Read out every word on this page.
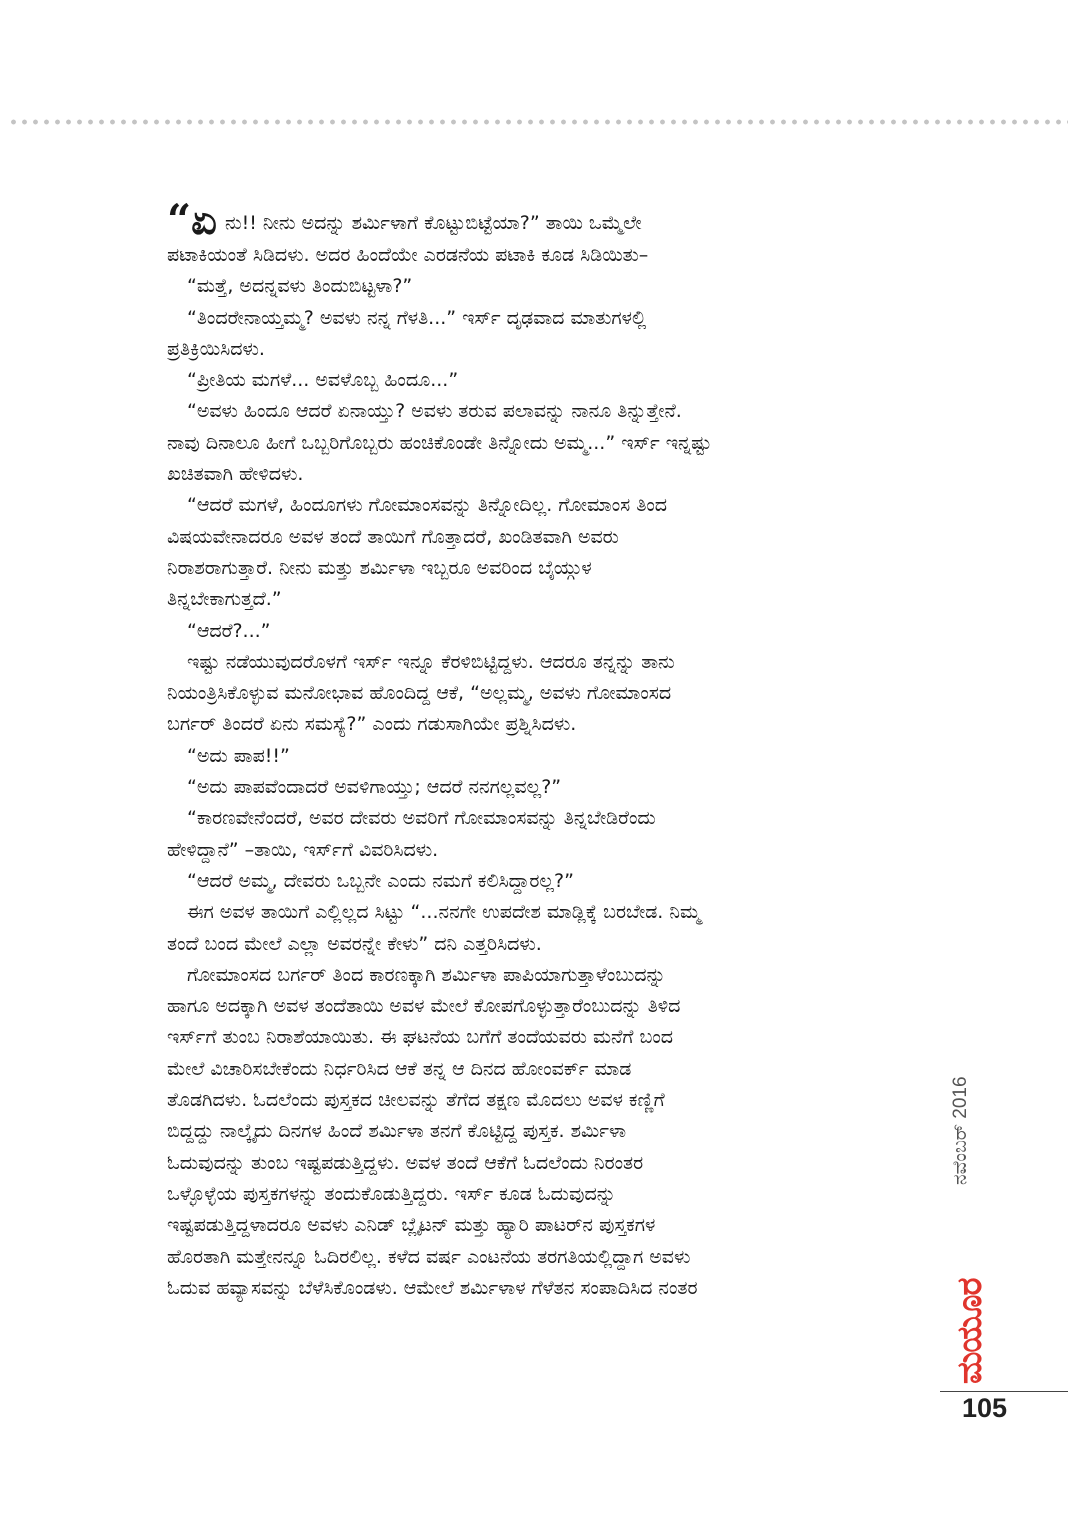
“ಏ ನು!! ನೀನು ಅದನ್ನು ಶರ್ಮಿಳಾಗೆ ಕೊಟ್ಟುಬಿಟ್ಟೆಯಾ?” ತಾಯಿ ಒಮ್ಮೆಲೇ

ಪಟಾಕಿಯಂತೆ ಸಿಡಿದಳು. ಅದರ ಹಿಂದೆಯೇ ಎರಡನೆಯ ಪಟಾಕಿ ಕೂಡ ಸಿಡಿಯಿತು–

“ಮತ್ತೆ, ಅದನ್ನವಳು ತಿಂದುಬಿಟ್ಟಳಾ?”

“ತಿಂದರೇನಾಯ್ತಮ್ಮ? ಅವಳು ನನ್ನ ಗೆಳತಿ...” ಇರ್ಸ್ ದೃಢವಾದ ಮಾತುಗಳಲ್ಲಿ

ಪ್ರತಿಕ್ರಿಯಿಸಿದಳು.

“ಪ್ರೀತಿಯ ಮಗಳೆ... ಅವಳೊಬ್ಬ ಹಿಂದೂ...”

“ಅವಳು ಹಿಂದೂ ಆದರೆ ಏನಾಯ್ತು? ಅವಳು ತರುವ ಪಲಾವನ್ನು ನಾನೂ ತಿನ್ನುತ್ತೇನೆ.

ನಾವು ದಿನಾಲೂ ಹೀಗೆ ಒಬ್ಬರಿಗೊಬ್ಬರು ಹಂಚಿಕೊಂಡೇ ತಿನ್ನೋದು ಅಮ್ಮ...” ಇರ್ಸ್ ಇನ್ನಷ್ಟು

ಖಚಿತವಾಗಿ ಹೇಳಿದಳು.

“ಆದರೆ ಮಗಳೆ, ಹಿಂದೂಗಳು ಗೋಮಾಂಸವನ್ನು ತಿನ್ನೋದಿಲ್ಲ. ಗೋಮಾಂಸ ತಿಂದ

ವಿಷಯವೇನಾದರೂ ಅವಳ ತಂದೆ ತಾಯಿಗೆ ಗೊತ್ತಾದರೆ, ಖಂಡಿತವಾಗಿ ಅವರು

ನಿರಾಶರಾಗುತ್ತಾರೆ. ನೀನು ಮತ್ತು ಶರ್ಮಿಳಾ ಇಬ್ಬರೂ ಅವರಿಂದ ಬೈಯ್ಗುಳ

ತಿನ್ನಬೇಕಾಗುತ್ತದೆ.”

“ಆದರೆ?...”

ಇಷ್ಟು ನಡೆಯುವುದರೊಳಗೆ ಇರ್ಸ್ ಇನ್ನೂ ಕೆರಳಿಬಿಟ್ಟಿದ್ದಳು. ಆದರೂ ತನ್ನನ್ನು ತಾನು

ನಿಯಂತ್ರಿಸಿಕೊಳ್ಳುವ ಮನೋಭಾವ ಹೊಂದಿದ್ದ ಆಕೆ, “ಅಲ್ಲಮ್ಮ, ಅವಳು ಗೋಮಾಂಸದ

ಬರ್ಗರ್ ತಿಂದರೆ ಏನು ಸಮಸ್ಯೆ?” ಎಂದು ಗಡುಸಾಗಿಯೇ ಪ್ರಶ್ನಿಸಿದಳು.

“ಅದು ಪಾಪ!!”

“ಅದು ಪಾಪವೆಂದಾದರೆ ಅವಳಿಗಾಯ್ತು; ಆದರೆ ನನಗಲ್ಲವಲ್ಲ?”

“ಕಾರಣವೇನೆಂದರೆ, ಅವರ ದೇವರು ಅವರಿಗೆ ಗೋಮಾಂಸವನ್ನು ತಿನ್ನಬೇಡಿರೆಂದು

ಹೇಳಿದ್ದಾನೆ” –ತಾಯಿ, ಇರ್ಸ್‌ಗೆ ವಿವರಿಸಿದಳು.

“ಆದರೆ ಅಮ್ಮ, ದೇವರು ಒಬ್ಬನೇ ಎಂದು ನಮಗೆ ಕಲಿಸಿದ್ದಾರಲ್ಲ?”

ಈಗ ಅವಳ ತಾಯಿಗೆ ಎಲ್ಲಿಲ್ಲದ ಸಿಟ್ಟು “...ನನಗೇ ಉಪದೇಶ ಮಾಡ್ಲಿಕ್ಕೆ ಬರಬೇಡ. ನಿಮ್ಮ

ತಂದೆ ಬಂದ ಮೇಲೆ ಎಲ್ಲಾ ಅವರನ್ನೇ ಕೇಳು” ದನಿ ಎತ್ತರಿಸಿದಳು.

ಗೋಮಾಂಸದ ಬರ್ಗರ್ ತಿಂದ ಕಾರಣಕ್ಕಾಗಿ ಶರ್ಮಿಳಾ ಪಾಪಿಯಾಗುತ್ತಾಳೆಂಬುದನ್ನು

ಹಾಗೂ ಅದಕ್ಕಾಗಿ ಅವಳ ತಂದೆತಾಯಿ ಅವಳ ಮೇಲೆ ಕೋಪಗೊಳ್ಳುತ್ತಾರೆಂಬುದನ್ನು ತಿಳಿದ

ಇರ್ಸ್‌ಗೆ ತುಂಬ ನಿರಾಶೆಯಾಯಿತು. ಈ ಘಟನೆಯ ಬಗೆಗೆ ತಂದೆಯವರು ಮನೆಗೆ ಬಂದ

ಮೇಲೆ ವಿಚಾರಿಸಬೇಕೆಂದು ನಿರ್ಧರಿಸಿದ ಆಕೆ ತನ್ನ ಆ ದಿನದ ಹೋಂವರ್ಕ್ ಮಾಡ

ತೊಡಗಿದಳು. ಓದಲೆಂದು ಪುಸ್ತಕದ ಚೀಲವನ್ನು ತೆಗೆದ ತಕ್ಷಣ ಮೊದಲು ಅವಳ ಕಣ್ಣಿಗೆ

ಬಿದ್ದದ್ದು ನಾಲ್ಕೈದು ದಿನಗಳ ಹಿಂದೆ ಶರ್ಮಿಳಾ ತನಗೆ ಕೊಟ್ಟಿದ್ದ ಪುಸ್ತಕ. ಶರ್ಮಿಳಾ

ಓದುವುದನ್ನು ತುಂಬ ಇಷ್ಟಪಡುತ್ತಿದ್ದಳು. ಅವಳ ತಂದೆ ಆಕೆಗೆ ಓದಲೆಂದು ನಿರಂತರ

ಒಳ್ಳೊಳ್ಳೆಯ ಪುಸ್ತಕಗಳನ್ನು ತಂದುಕೊಡುತ್ತಿದ್ದರು. ಇರ್ಸ್ ಕೂಡ ಓದುವುದನ್ನು

ಇಷ್ಟಪಡುತ್ತಿದ್ದಳಾದರೂ ಅವಳು ಎನಿಡ್ ಬ್ಲೈಟನ್ ಮತ್ತು ಹ್ಯಾರಿ ಪಾಟರ್‌ನ ಪುಸ್ತಕಗಳ

ಹೊರತಾಗಿ ಮತ್ತೇನನ್ನೂ ಓದಿರಲಿಲ್ಲ. ಕಳೆದ ವರ್ಷ ಎಂಟನೆಯ ತರಗತಿಯಲ್ಲಿದ್ದಾಗ ಅವಳು

ಓದುವ ಹವ್ಯಾಸವನ್ನು ಬೆಳೆಸಿಕೊಂಡಳು. ಆಮೇಲೆ ಶರ್ಮಿಳಾಳ ಗೆಳೆತನ ಸಂಪಾದಿಸಿದ ನಂತರ

ನವೆಂಬರ್ 2016
ಮಯೂರ
105
